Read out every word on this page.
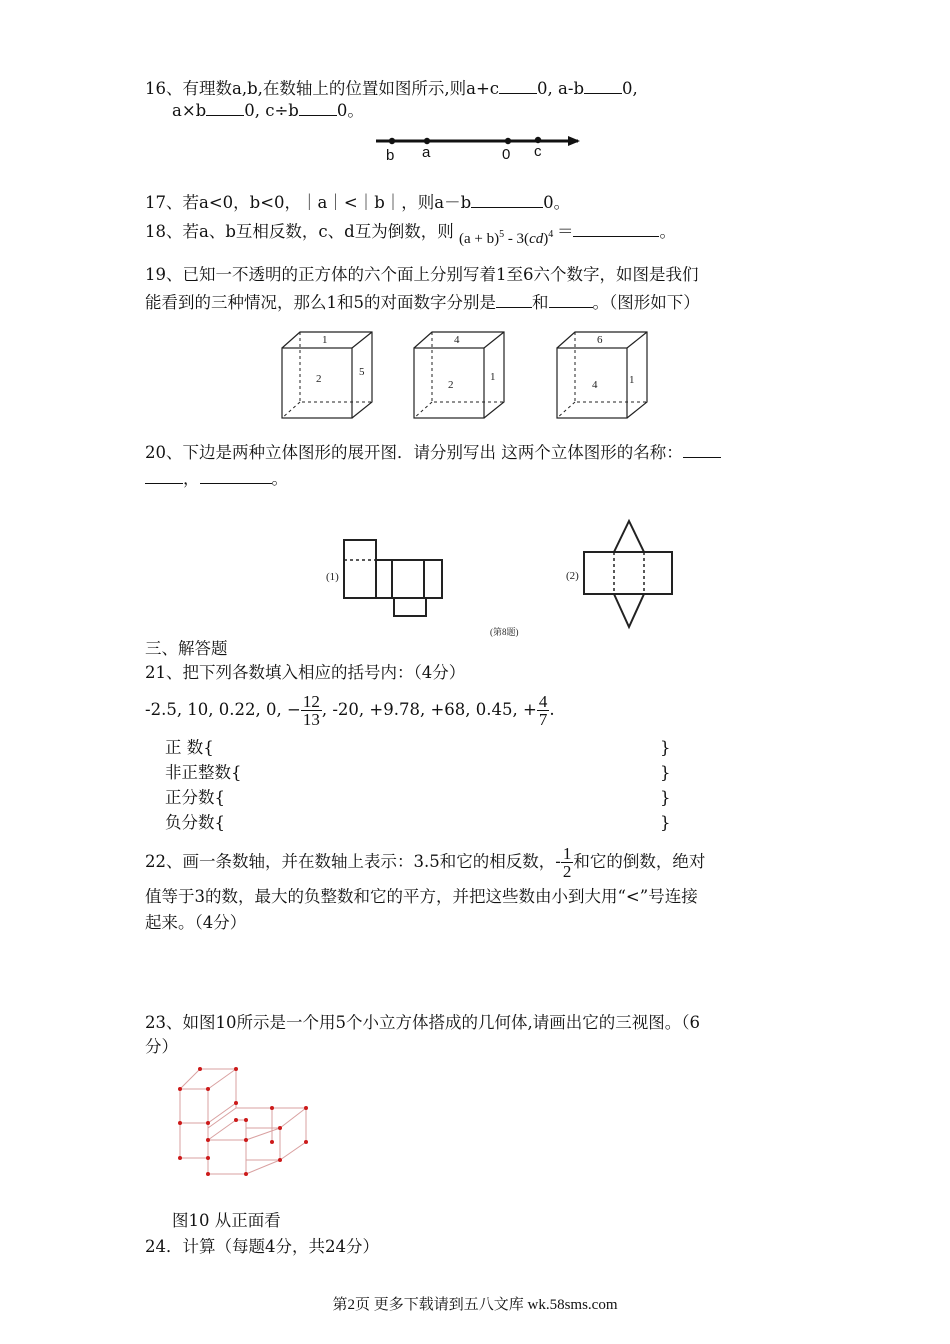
16、有理数a,b,在数轴上的位置如图所示,则a+c 0, a-b 0,
a×b 0, c÷b 0。
b a	0 c
17、若a<0，b<0，｜a｜<｜b｜，则a－b	0。
18、若a、b互相反数，c、d互为倒数，则 $(a + b)^5 - 3(cd)^4$ ＝	。
19、已知一不透明的正方体的六个面上分别写着1至6六个数字，如图是我们
能看到的三种情况，那么1和5的对面数字分别是 和	。（图形如下）
1
2
5
4
2
1
6
4	1
20、下边是两种立体图形的展开图．请分别写出 这两个立体图形的名称：
，	。
(1)	(2)
(第8题)
三、解答题
21、把下列各数填入相应的括号内：（4分）
-2.5, 10, 0.22, 0, − $\frac{12}{13}$ , -20, +9.78, +68, 0.45, + $\frac{4}{7}$ .
正 数{	}
非正整数{	}
正分数{	}
负分数{	}
22、画一条数轴，并在数轴上表示：3.5和它的相反数，- $\frac{1}{2}$ 和它的倒数，绝对
值等于3的数，最大的负整数和它的平方，并把这些数由小到大用“<”号连接
起来。（4分）
23、如图10所示是一个用5个小立方体搭成的几何体,请画出它的三视图。（6
分）
图10 从正面看
24．计算（每题4分，共24分）
第2页 更多下载请到五八文库 wk.58sms.com
